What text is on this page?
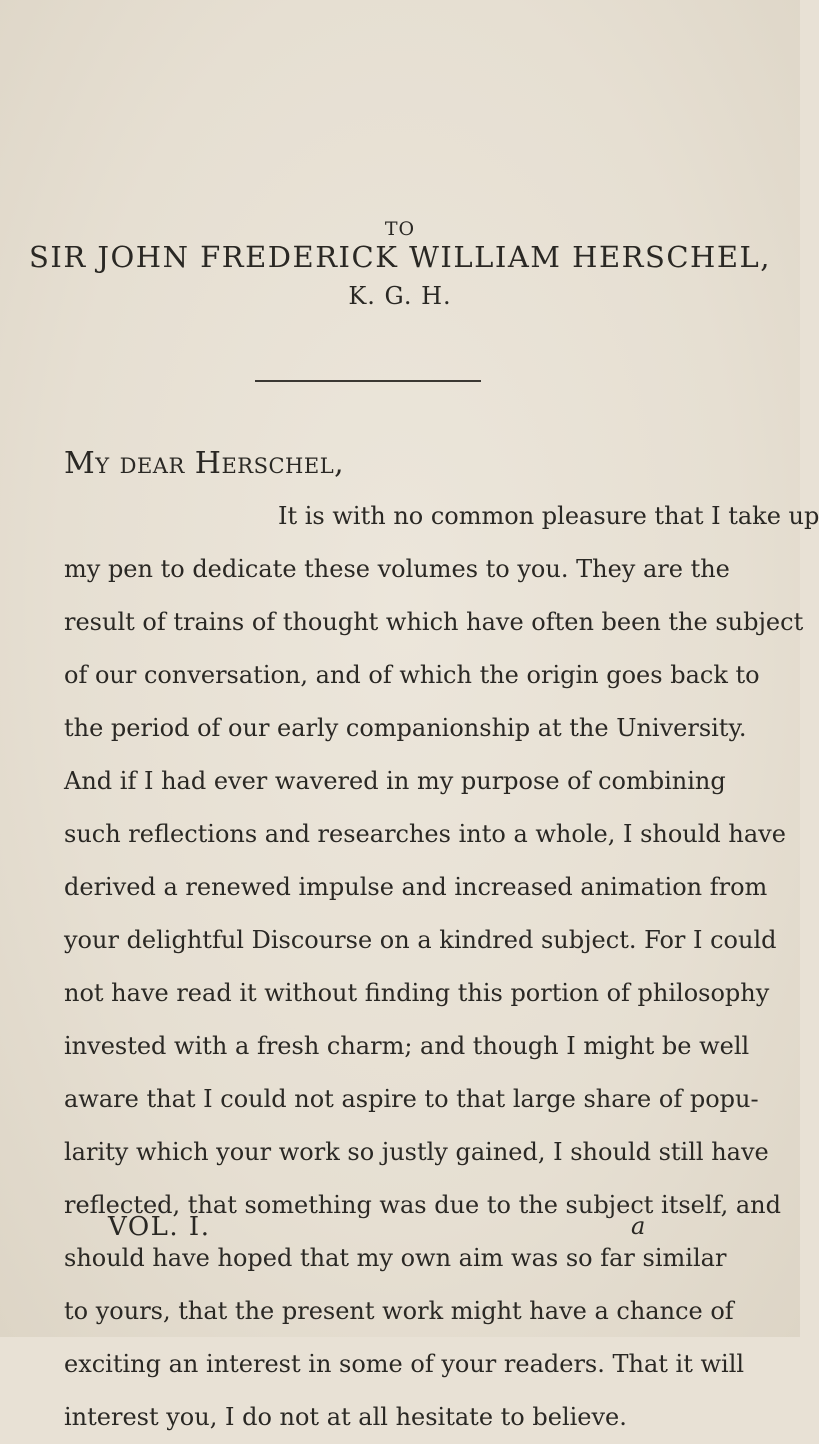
TO
SIR JOHN FREDERICK WILLIAM HERSCHEL,
K. G. H.
My dear Herschel,
It is with no common pleasure that I take up
my pen to dedicate these volumes to you. They are the
result of trains of thought which have often been the subject
of our conversation, and of which the origin goes back to
the period of our early companionship at the University.
And if I had ever wavered in my purpose of combining
such reflections and researches into a whole, I should have
derived a renewed impulse and increased animation from
your delightful Discourse on a kindred subject. For I could
not have read it without finding this portion of philosophy
invested with a fresh charm; and though I might be well
aware that I could not aspire to that large share of popu-
larity which your work so justly gained, I should still have
reflected, that something was due to the subject itself, and
should have hoped that my own aim was so far similar
to yours, that the present work might have a chance of
exciting an interest in some of your readers. That it will
interest you, I do not at all hesitate to believe.
VOL. I.	a
